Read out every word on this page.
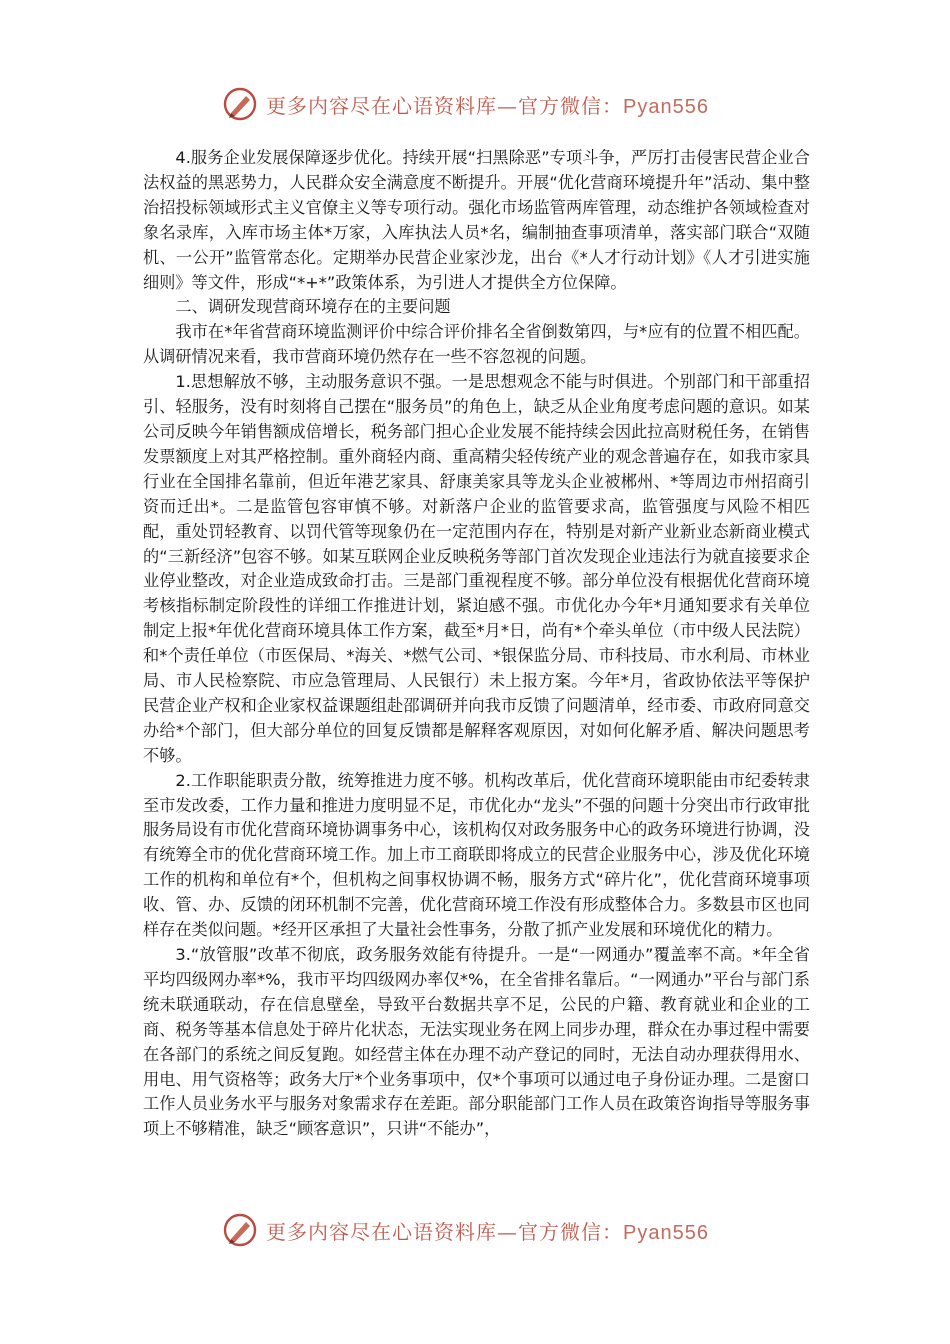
更多内容尽在心语资料库—官方微信：Pyan556

4.服务企业发展保障逐步优化。持续开展“扫黑除恶”专项斗争，严厉打击侵害民营企业合法权益的黑恶势力，人民群众安全满意度不断提升。开展“优化营商环境提升年”活动、集中整治招投标领域形式主义官僚主义等专项行动。强化市场监管两库管理，动态维护各领域检查对象名录库，入库市场主体*万家，入库执法人员*名，编制抽查事项清单，落实部门联合“双随机、一公开”监管常态化。定期举办民营企业家沙龙，出台《*人才行动计划》《人才引进实施细则》等文件，形成“*+*”政策体系，为引进人才提供全方位保障。

二、调研发现营商环境存在的主要问题

我市在*年省营商环境监测评价中综合评价排名全省倒数第四，与*应有的位置不相匹配。从调研情况来看，我市营商环境仍然存在一些不容忽视的问题。

1.思想解放不够，主动服务意识不强。一是思想观念不能与时俱进。个别部门和干部重招引、轻服务，没有时刻将自己摆在“服务员”的角色上，缺乏从企业角度考虑问题的意识。如某公司反映今年销售额成倍增长，税务部门担心企业发展不能持续会因此拉高财税任务，在销售发票额度上对其严格控制。重外商轻内商、重高精尖轻传统产业的观念普遍存在，如我市家具行业在全国排名靠前，但近年港艺家具、舒康美家具等龙头企业被郴州、*等周边市州招商引资而迁出*。二是监管包容审慎不够。对新落户企业的监管要求高，监管强度与风险不相匹配，重处罚轻教育、以罚代管等现象仍在一定范围内存在，特别是对新产业新业态新商业模式的“三新经济”包容不够。如某互联网企业反映税务等部门首次发现企业违法行为就直接要求企业停业整改，对企业造成致命打击。三是部门重视程度不够。部分单位没有根据优化营商环境考核指标制定阶段性的详细工作推进计划，紧迫感不强。市优化办今年*月通知要求有关单位制定上报*年优化营商环境具体工作方案，截至*月*日，尚有*个牵头单位（市中级人民法院）和*个责任单位（市医保局、*海关、*燃气公司、*银保监分局、市科技局、市水利局、市林业局、市人民检察院、市应急管理局、人民银行）未上报方案。今年*月，省政协依法平等保护民营企业产权和企业家权益课题组赴邵调研并向我市反馈了问题清单，经市委、市政府同意交办给*个部门，但大部分单位的回复反馈都是解释客观原因，对如何化解矛盾、解决问题思考不够。

2.工作职能职责分散，统筹推进力度不够。机构改革后，优化营商环境职能由市纪委转隶至市发改委，工作力量和推进力度明显不足，市优化办“龙头”不强的问题十分突出市行政审批服务局设有市优化营商环境协调事务中心，该机构仅对政务服务中心的政务环境进行协调，没有统筹全市的优化营商环境工作。加上市工商联即将成立的民营企业服务中心，涉及优化环境工作的机构和单位有*个，但机构之间事权协调不畅，服务方式“碎片化”，优化营商环境事项收、管、办、反馈的闭环机制不完善，优化营商环境工作没有形成整体合力。多数县市区也同样存在类似问题。*经开区承担了大量社会性事务，分散了抓产业发展和环境优化的精力。

3.“放管服”改革不彻底，政务服务效能有待提升。一是“一网通办”覆盖率不高。*年全省平均四级网办率*%，我市平均四级网办率仅*%，在全省排名靠后。“一网通办”平台与部门系统未联通联动，存在信息壁垒，导致平台数据共享不足，公民的户籍、教育就业和企业的工商、税务等基本信息处于碎片化状态，无法实现业务在网上同步办理，群众在办事过程中需要在各部门的系统之间反复跑。如经营主体在办理不动产登记的同时，无法自动办理获得用水、用电、用气资格等；政务大厅*个业务事项中，仅*个事项可以通过电子身份证办理。二是窗口工作人员业务水平与服务对象需求存在差距。部分职能部门工作人员在政策咨询指导等服务事项上不够精准，缺乏“顾客意识”，只讲“不能办”，

更多内容尽在心语资料库—官方微信：Pyan556
